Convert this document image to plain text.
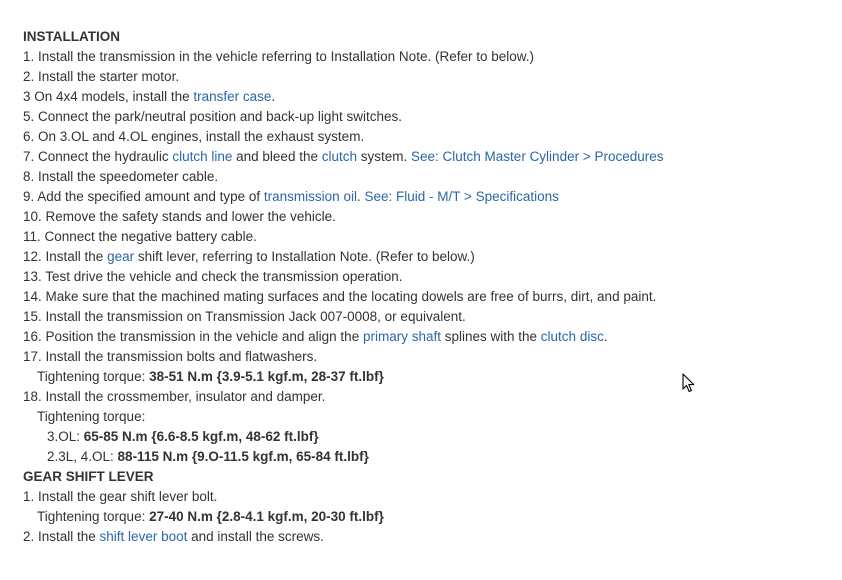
INSTALLATION
1. Install the transmission in the vehicle referring to Installation Note. (Refer to below.)
2. Install the starter motor.
3 On 4x4 models, install the transfer case.
5. Connect the park/neutral position and back-up light switches.
6. On 3.OL and 4.OL engines, install the exhaust system.
7. Connect the hydraulic clutch line and bleed the clutch system. See: Clutch Master Cylinder > Procedures
8. Install the speedometer cable.
9. Add the specified amount and type of transmission oil. See: Fluid - M/T > Specifications
10. Remove the safety stands and lower the vehicle.
11. Connect the negative battery cable.
12. Install the gear shift lever, referring to Installation Note. (Refer to below.)
13. Test drive the vehicle and check the transmission operation.
14. Make sure that the machined mating surfaces and the locating dowels are free of burrs, dirt, and paint.
15. Install the transmission on Transmission Jack 007-0008, or equivalent.
16. Position the transmission in the vehicle and align the primary shaft splines with the clutch disc.
17. Install the transmission bolts and flatwashers.
Tightening torque: 38-51 N.m {3.9-5.1 kgf.m, 28-37 ft.lbf}
18. Install the crossmember, insulator and damper.
Tightening torque:
3.OL: 65-85 N.m {6.6-8.5 kgf.m, 48-62 ft.lbf}
2.3L, 4.OL: 88-115 N.m {9.O-11.5 kgf.m, 65-84 ft.lbf}
GEAR SHIFT LEVER
1. Install the gear shift lever bolt.
Tightening torque: 27-40 N.m {2.8-4.1 kgf.m, 20-30 ft.lbf}
2. Install the shift lever boot and install the screws.
